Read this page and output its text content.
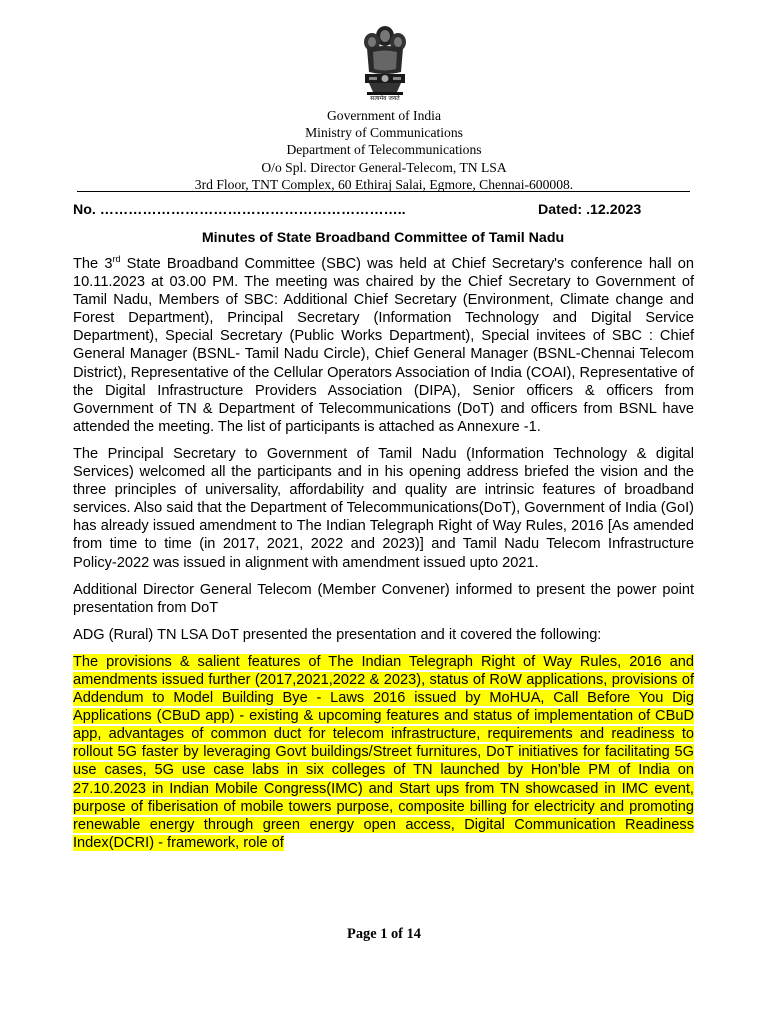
सत्यमेव जयते
Government of India
Ministry of Communications
Department of Telecommunications
O/o Spl. Director General-Telecom, TN LSA
3rd Floor, TNT Complex, 60 Ethiraj Salai, Egmore, Chennai-600008.
No. ………………………………………………………..	Dated: .12.2023
Minutes of State Broadband Committee of Tamil Nadu

The 3rd State Broadband Committee (SBC) was held at Chief Secretary's conference hall on 10.11.2023 at 03.00 PM. The meeting was chaired by the Chief Secretary to Government of Tamil Nadu, Members of SBC: Additional Chief Secretary (Environment, Climate change and Forest Department), Principal Secretary (Information Technology and Digital Service Department), Special Secretary (Public Works Department), Special invitees of SBC : Chief General Manager (BSNL- Tamil Nadu Circle), Chief General Manager (BSNL-Chennai Telecom District), Representative of the Cellular Operators Association of India (COAI), Representative of the Digital Infrastructure Providers Association (DIPA), Senior officers & officers from Government of TN & Department of Telecommunications (DoT) and officers from BSNL have attended the meeting. The list of participants is attached as Annexure -1.

The Principal Secretary to Government of Tamil Nadu (Information Technology & digital Services) welcomed all the participants and in his opening address briefed the vision and the three principles of universality, affordability and quality are intrinsic features of broadband services. Also said that the Department of Telecommunications(DoT), Government of India (GoI) has already issued amendment to The Indian Telegraph Right of Way Rules, 2016 [As amended from time to time (in 2017, 2021, 2022 and 2023)] and Tamil Nadu Telecom Infrastructure Policy-2022 was issued in alignment with amendment issued upto 2021.

Additional Director General Telecom (Member Convener) informed to present the power point presentation from DoT

ADG (Rural) TN LSA DoT presented the presentation and it covered the following:

The provisions & salient features of The Indian Telegraph Right of Way Rules, 2016 and amendments issued further (2017,2021,2022 & 2023), status of RoW applications, provisions of Addendum to Model Building Bye - Laws 2016 issued by MoHUA, Call Before You Dig Applications (CBuD app) - existing & upcoming features and status of implementation of CBuD app, advantages of common duct for telecom infrastructure, requirements and readiness to rollout 5G faster by leveraging Govt buildings/Street furnitures, DoT initiatives for facilitating 5G use cases, 5G use case labs in six colleges of TN launched by Hon’ble PM of India on 27.10.2023 in Indian Mobile Congress(IMC) and Start ups from TN showcased in IMC event, purpose of fiberisation of mobile towers purpose, composite billing for electricity and promoting renewable energy through green energy open access, Digital Communication Readiness Index(DCRI) - framework, role of

Page 1 of 14
